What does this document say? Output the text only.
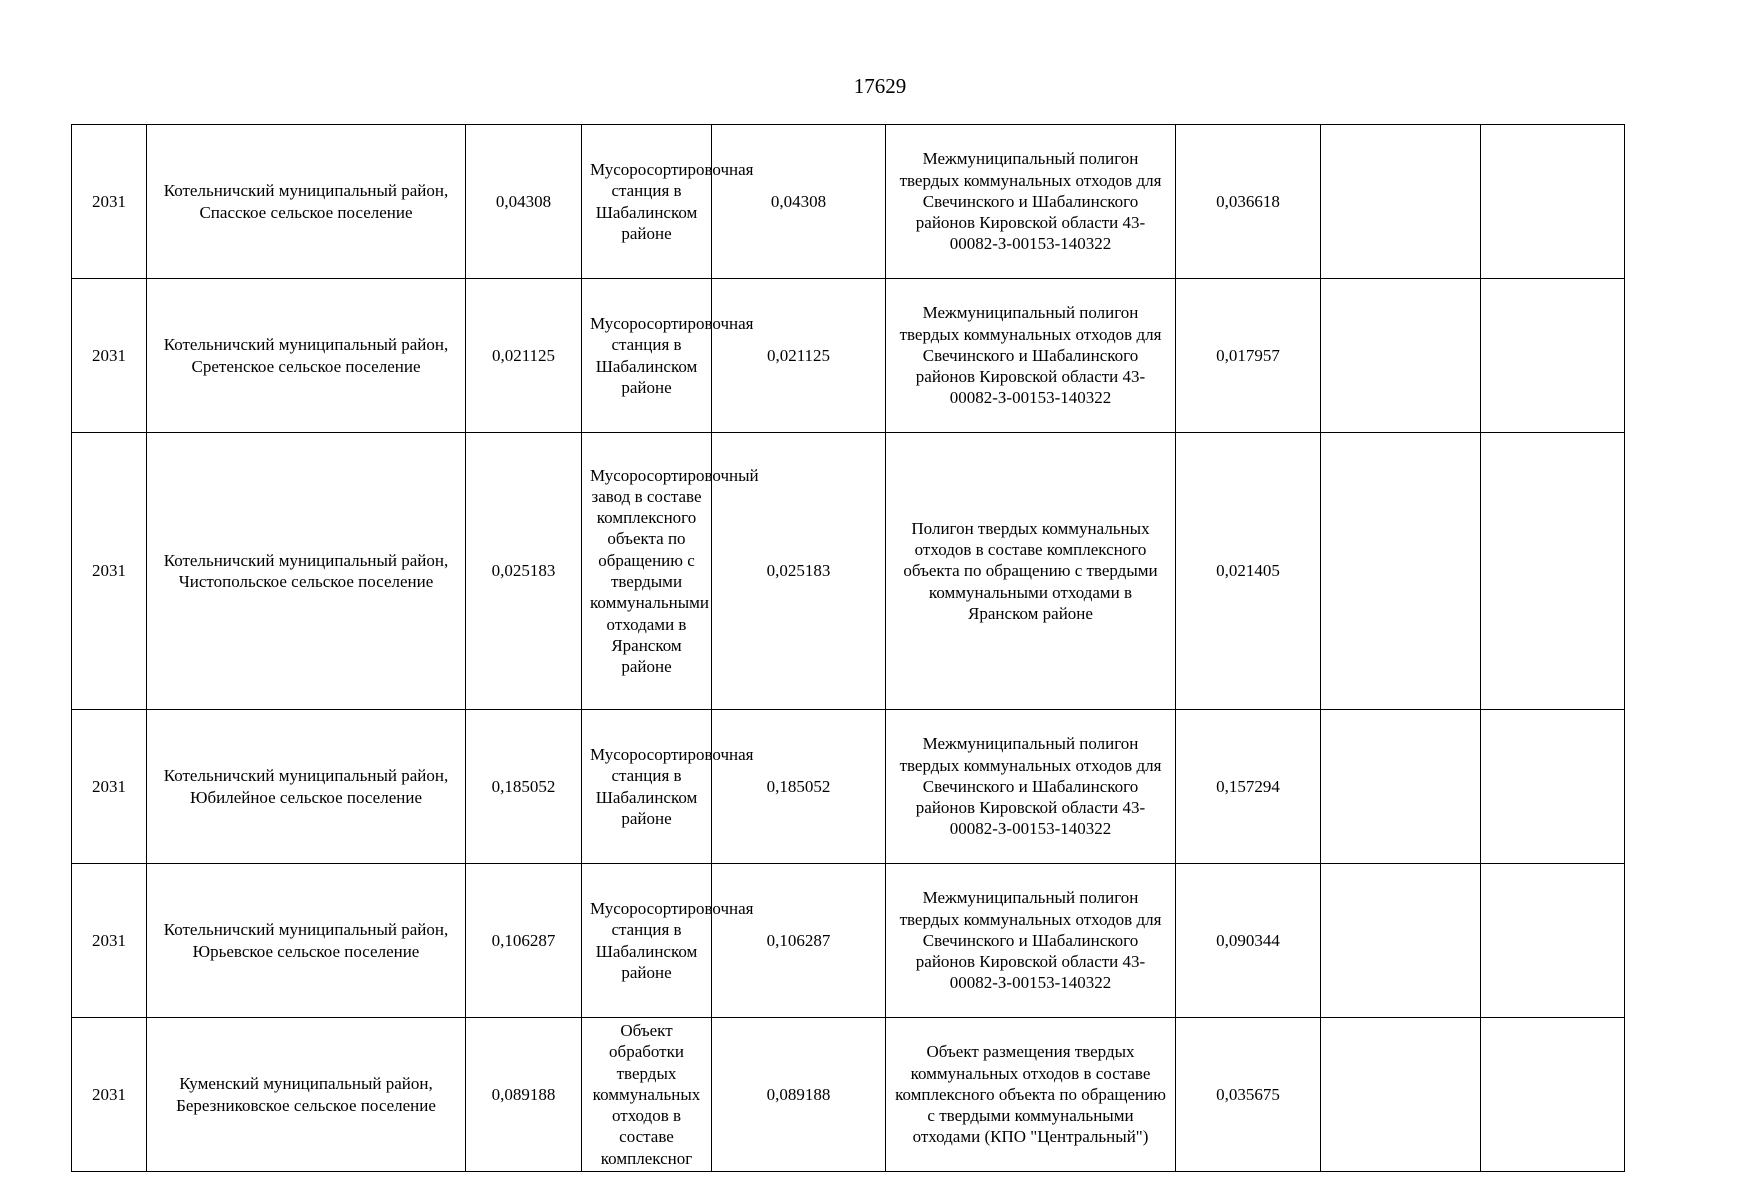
17629
2031	Котельничский муниципальный район, Спасское сельское поселение	0,04308	Мусоросортировочная станция в Шабалинском районе	0,04308	Межмуниципальный полигон твердых коммунальных отходов для Свечинского и Шабалинского районов Кировской области 43-00082-З-00153-140322	0,036618		
2031	Котельничский муниципальный район, Сретенское сельское поселение	0,021125	Мусоросортировочная станция в Шабалинском районе	0,021125	Межмуниципальный полигон твердых коммунальных отходов для Свечинского и Шабалинского районов Кировской области 43-00082-З-00153-140322	0,017957		
2031	Котельничский муниципальный район, Чистопольское сельское поселение	0,025183	Мусоросортировочный завод в составе комплексного объекта по обращению с твердыми коммунальными отходами в Яранском районе	0,025183	Полигон твердых коммунальных отходов в составе комплексного объекта по обращению с твердыми коммунальными отходами в Яранском районе	0,021405		
2031	Котельничский муниципальный район, Юбилейное сельское поселение	0,185052	Мусоросортировочная станция в Шабалинском районе	0,185052	Межмуниципальный полигон твердых коммунальных отходов для Свечинского и Шабалинского районов Кировской области 43-00082-З-00153-140322	0,157294		
2031	Котельничский муниципальный район, Юрьевское сельское поселение	0,106287	Мусоросортировочная станция в Шабалинском районе	0,106287	Межмуниципальный полигон твердых коммунальных отходов для Свечинского и Шабалинского районов Кировской области 43-00082-З-00153-140322	0,090344		
2031	Куменский муниципальный район, Березниковское сельское поселение	0,089188	Объект обработки твердых коммунальных отходов в составе комплексног	0,089188	Объект размещения твердых коммунальных отходов в составе комплексного объекта по обращению с твердыми коммунальными отходами (КПО "Центральный")	0,035675		
